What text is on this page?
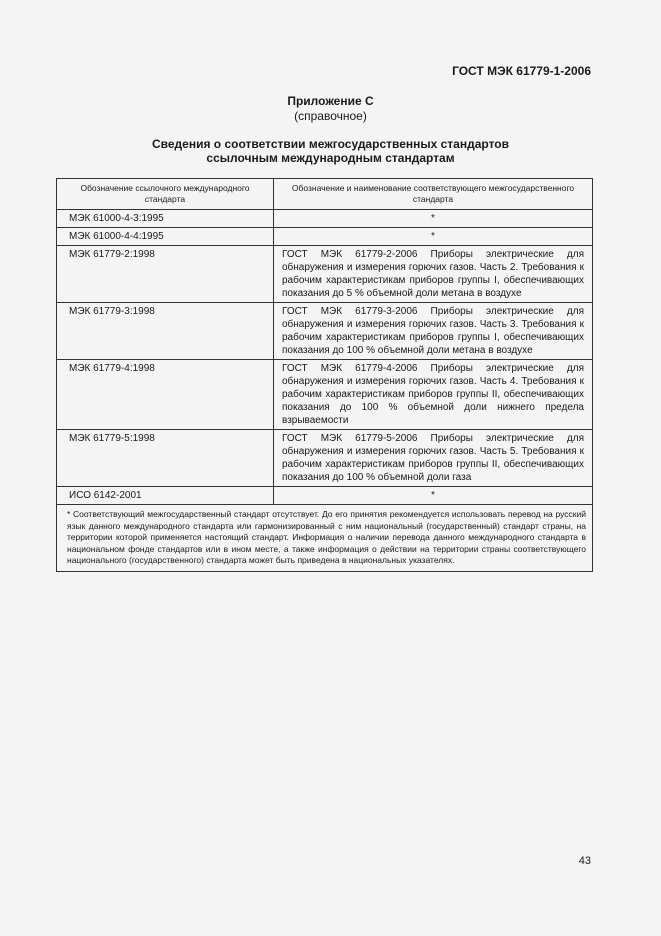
ГОСТ МЭК 61779-1-2006
Приложение С
(справочное)
Сведения о соответствии межгосударственных стандартов
ссылочным международным стандартам
Обозначение ссылочного международного стандарта	Обозначение и наименование соответствующего межгосударственного стандарта
МЭК 61000-4-3:1995	*
МЭК 61000-4-4:1995	*
МЭК 61779-2:1998	ГОСТ МЭК 61779-2-2006 Приборы электрические для обнаружения и измерения горючих газов. Часть 2. Требования к рабочим характеристикам приборов группы I, обеспечивающих показания до 5 % объемной доли метана в воздухе
МЭК 61779-3:1998	ГОСТ МЭК 61779-3-2006 Приборы электрические для обнаружения и измерения горючих газов. Часть 3. Требования к рабочим характеристикам приборов группы I, обеспечивающих показания до 100 % объемной доли метана в воздухе
МЭК 61779-4:1998	ГОСТ МЭК 61779-4-2006 Приборы электрические для обнаружения и измерения горючих газов. Часть 4. Требования к рабочим характеристикам приборов группы II, обеспечивающих показания до 100 % объемной доли нижнего предела взрываемости
МЭК 61779-5:1998	ГОСТ МЭК 61779-5-2006 Приборы электрические для обнаружения и измерения горючих газов. Часть 5. Требования к рабочим характеристикам приборов группы II, обеспечивающих показания до 100 % объемной доли газа
ИСО 6142-2001	*
* Соответствующий межгосударственный стандарт отсутствует. До его принятия рекомендуется использовать перевод на русский язык данного международного стандарта или гармонизированный с ним национальный (государственный) стандарт страны, на территории которой применяется настоящий стандарт. Информация о наличии перевода данного международного стандарта в национальном фонде стандартов или в ином месте, а также информация о действии на территории страны соответствующего национального (государственного) стандарта может быть приведена в национальных указателях.	
43
